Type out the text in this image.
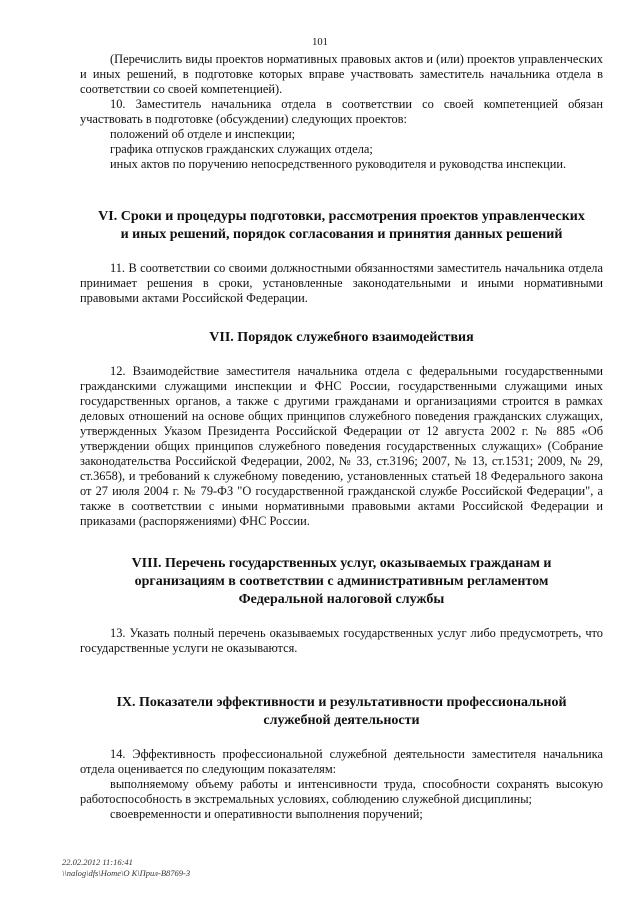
101

(Перечислить виды проектов нормативных правовых актов и (или) проектов управленческих и иных решений, в подготовке которых вправе участвовать заместитель начальника отдела в соответствии со своей компетенцией).

10. Заместитель начальника отдела в соответствии со своей компетенцией обязан участвовать в подготовке (обсуждении) следующих проектов:

положений об отделе и инспекции;

графика отпусков гражданских служащих отдела;

иных актов по поручению непосредственного руководителя и руководства инспекции.

VI. Сроки и процедуры подготовки, рассмотрения проектов управленческих

и иных решений, порядок согласования и принятия данных решений

11. В соответствии со своими должностными обязанностями заместитель начальника отдела принимает решения в сроки, установленные законодательными и иными нормативными правовыми актами Российской Федерации.

VII. Порядок служебного взаимодействия

12. Взаимодействие заместителя начальника отдела с федеральными государственными гражданскими служащими инспекции и ФНС России, государственными служащими иных государственных органов, а также с другими гражданами и организациями строится в рамках деловых отношений на основе общих принципов служебного поведения гражданских служащих, утвержденных Указом Президента Российской Федерации от 12 августа 2002 г. № 885 «Об утверждении общих принципов служебного поведения государственных служащих» (Собрание законодательства Российской Федерации, 2002, № 33, ст.3196; 2007, № 13, ст.1531; 2009, № 29, ст.3658), и требований к служебному поведению, установленных статьей 18 Федерального закона от 27 июля 2004 г. № 79-ФЗ "О государственной гражданской службе Российской Федерации", а также в соответствии с иными нормативными правовыми актами Российской Федерации и приказами (распоряжениями) ФНС России.

VIII. Перечень государственных услуг, оказываемых гражданам и

организациям в соответствии с административным регламентом

Федеральной налоговой службы

13. Указать полный перечень оказываемых государственных услуг либо предусмотреть, что государственные услуги не оказываются.

IX. Показатели эффективности и результативности профессиональной

служебной деятельности

14. Эффективность профессиональной служебной деятельности заместителя начальника отдела оценивается по следующим показателям:

выполняемому объему работы и интенсивности труда, способности сохранять высокую работоспособность в экстремальных условиях, соблюдению служебной дисциплины;

своевременности и оперативности выполнения поручений;

22.02.2012 11:16:41
\\nalog\dfs\Home\O К\Прил-В8769-3
